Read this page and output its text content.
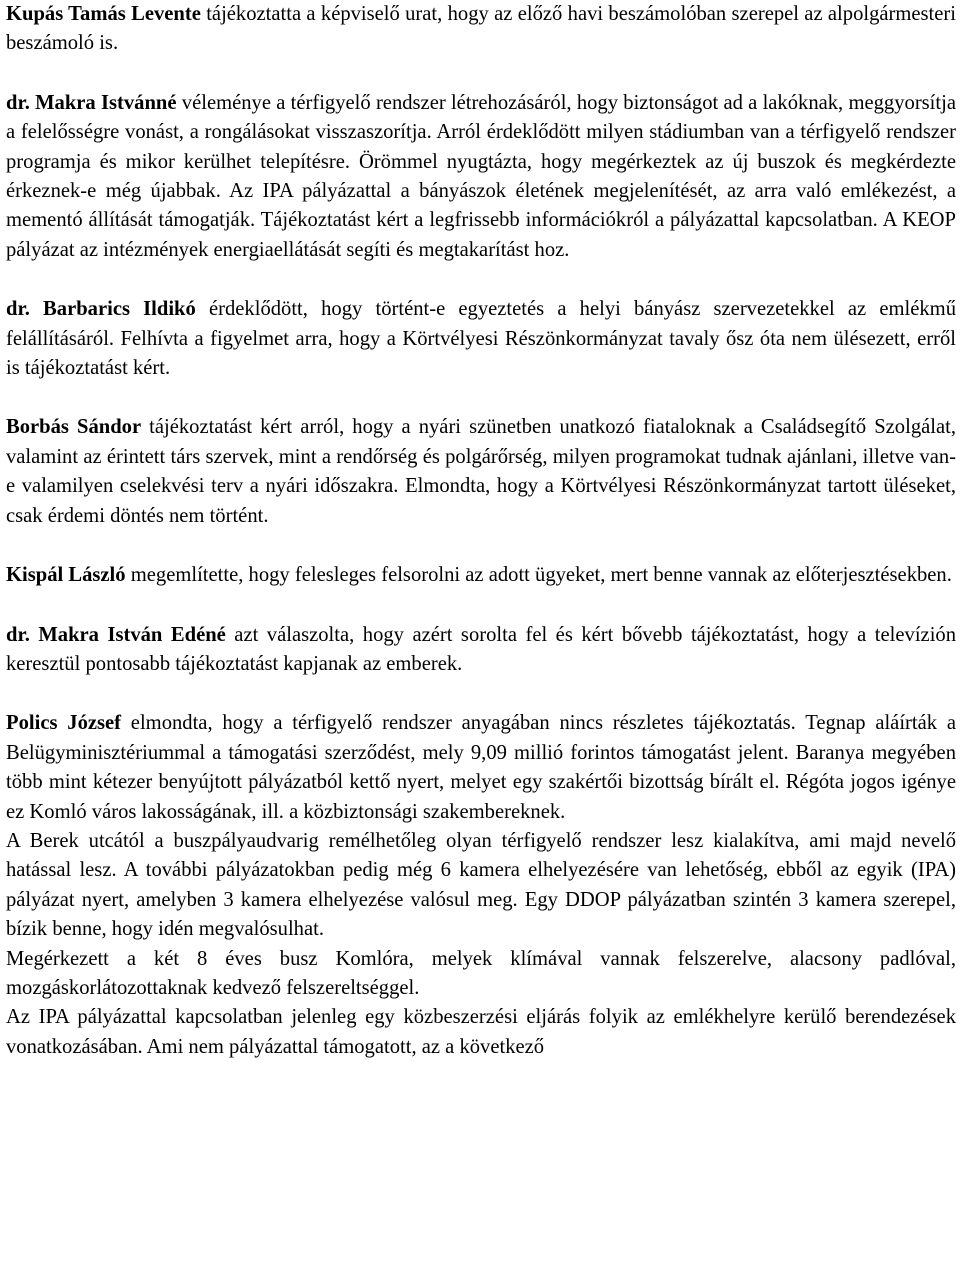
Kupás Tamás Levente tájékoztatta a képviselő urat, hogy az előző havi beszámolóban szerepel az alpolgármesteri beszámoló is.

dr. Makra Istvánné véleménye a térfigyelő rendszer létrehozásáról, hogy biztonságot ad a lakóknak, meggyorsítja a felelősségre vonást, a rongálásokat visszaszorítja. Arról érdeklődött milyen stádiumban van a térfigyelő rendszer programja és mikor kerülhet telepítésre. Örömmel nyugtázta, hogy megérkeztek az új buszok és megkérdezte érkeznek-e még újabbak. Az IPA pályázattal a bányászok életének megjelenítését, az arra való emlékezést, a mementó állítását támogatják. Tájékoztatást kért a legfrissebb információkról a pályázattal kapcsolatban. A KEOP pályázat az intézmények energiaellátását segíti és megtakarítást hoz.

dr. Barbarics Ildikó érdeklődött, hogy történt-e egyeztetés a helyi bányász szervezetekkel az emlékmű felállításáról. Felhívta a figyelmet arra, hogy a Körtvélyesi Részönkormányzat tavaly ősz óta nem ülésezett, erről is tájékoztatást kért.

Borbás Sándor tájékoztatást kért arról, hogy a nyári szünetben unatkozó fiataloknak a Családsegítő Szolgálat, valamint az érintett társ szervek, mint a rendőrség és polgárőrség, milyen programokat tudnak ajánlani, illetve van-e valamilyen cselekvési terv a nyári időszakra. Elmondta, hogy a Körtvélyesi Részönkormányzat tartott üléseket, csak érdemi döntés nem történt.

Kispál László megemlítette, hogy felesleges felsorolni az adott ügyeket, mert benne vannak az előterjesztésekben.

dr. Makra István Edéné azt válaszolta, hogy azért sorolta fel és kért bővebb tájékoztatást, hogy a televízión keresztül pontosabb tájékoztatást kapjanak az emberek.

Polics József elmondta, hogy a térfigyelő rendszer anyagában nincs részletes tájékoztatás. Tegnap aláírták a Belügyminisztériummal a támogatási szerződést, mely 9,09 millió forintos támogatást jelent. Baranya megyében több mint kétezer benyújtott pályázatból kettő nyert, melyet egy szakértői bizottság bírált el. Régóta jogos igénye ez Komló város lakosságának, ill. a közbiztonsági szakembereknek.

A Berek utcától a buszpályaudvarig remélhetőleg olyan térfigyelő rendszer lesz kialakítva, ami majd nevelő hatással lesz. A további pályázatokban pedig még 6 kamera elhelyezésére van lehetőség, ebből az egyik (IPA) pályázat nyert, amelyben 3 kamera elhelyezése valósul meg. Egy DDOP pályázatban szintén 3 kamera szerepel, bízik benne, hogy idén megvalósulhat.

Megérkezett a két 8 éves busz Komlóra, melyek klímával vannak felszerelve, alacsony padlóval, mozgáskorlátozottaknak kedvező felszereltséggel.

Az IPA pályázattal kapcsolatban jelenleg egy közbeszerzési eljárás folyik az emlékhelyre kerülő berendezések vonatkozásában. Ami nem pályázattal támogatott, az a következő
